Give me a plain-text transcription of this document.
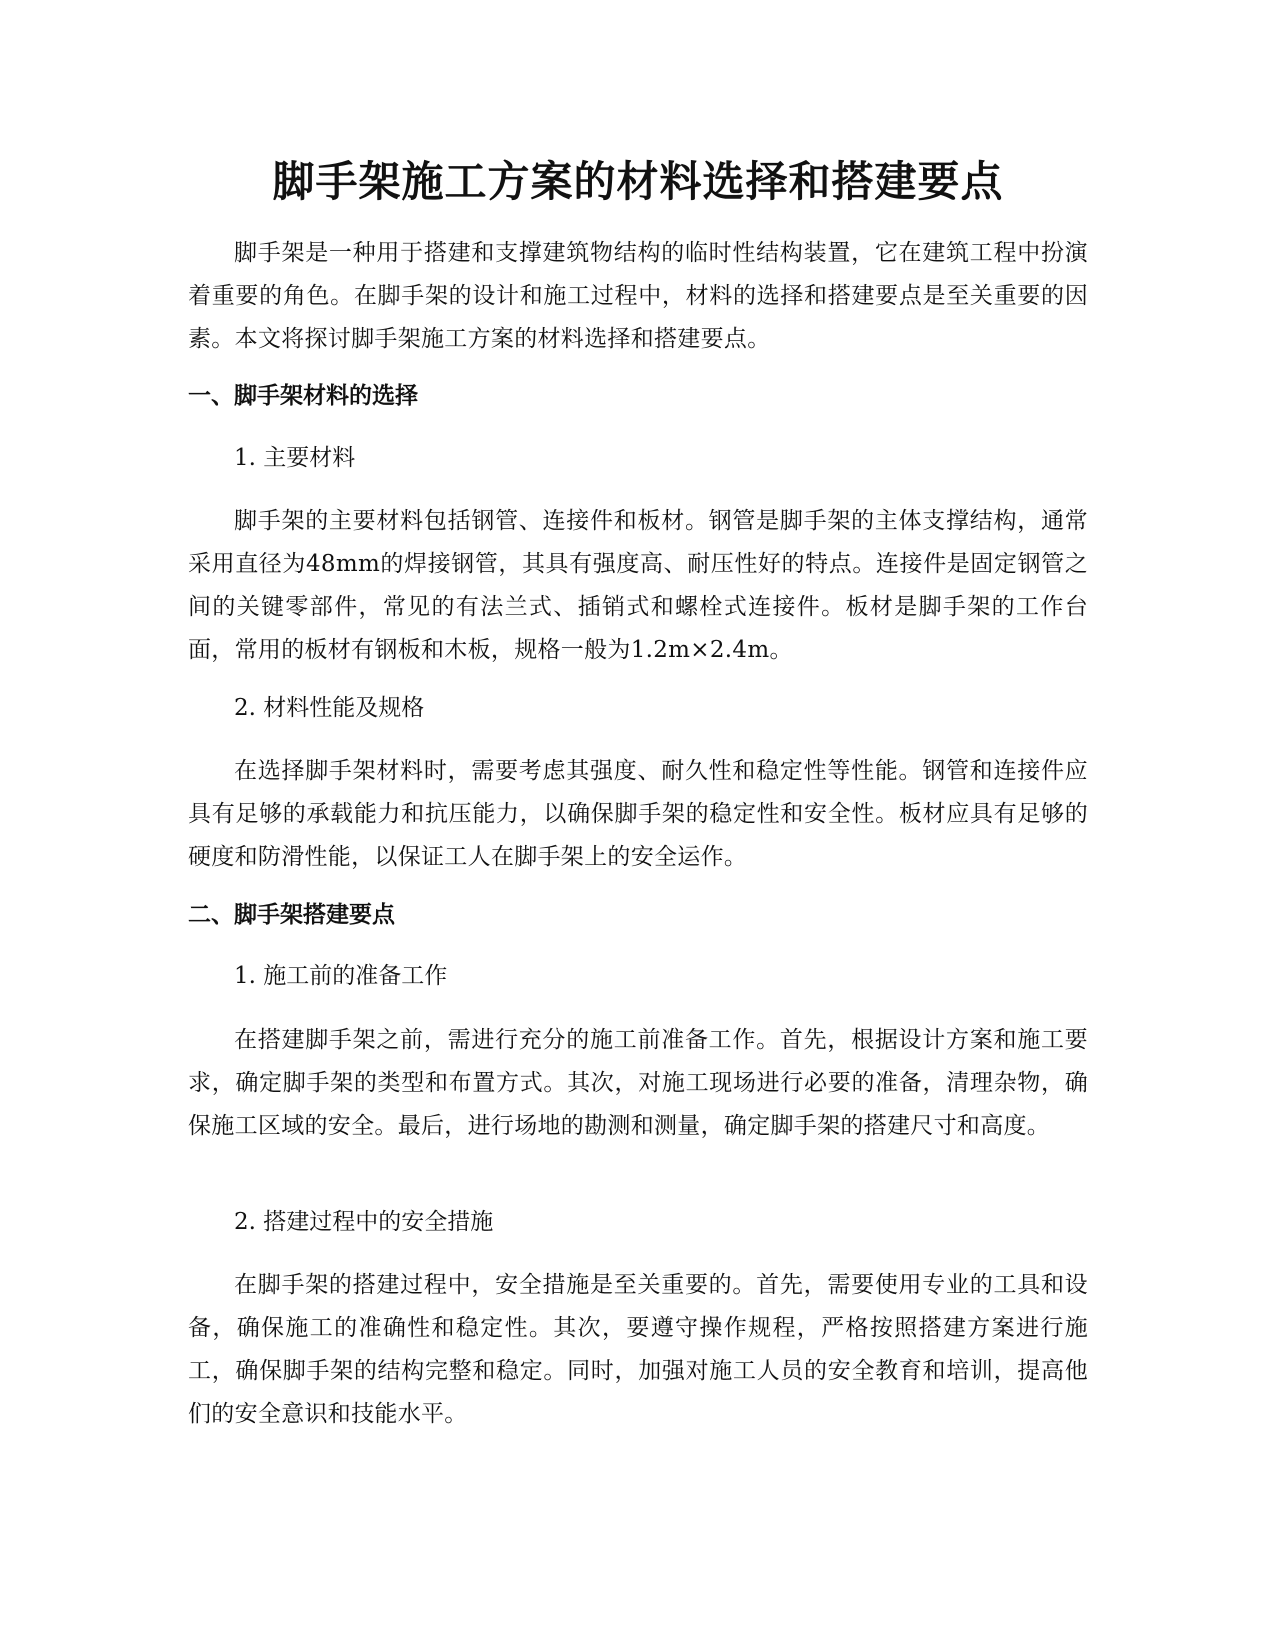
脚手架施工方案的材料选择和搭建要点

脚手架是一种用于搭建和支撑建筑物结构的临时性结构装置，它在建筑工程中扮演着重要的角色。在脚手架的设计和施工过程中，材料的选择和搭建要点是至关重要的因素。本文将探讨脚手架施工方案的材料选择和搭建要点。

一、脚手架材料的选择

1. 主要材料

脚手架的主要材料包括钢管、连接件和板材。钢管是脚手架的主体支撑结构，通常采用直径为48mm的焊接钢管，其具有强度高、耐压性好的特点。连接件是固定钢管之间的关键零部件，常见的有法兰式、插销式和螺栓式连接件。板材是脚手架的工作台面，常用的板材有钢板和木板，规格一般为1.2m×2.4m。

2. 材料性能及规格

在选择脚手架材料时，需要考虑其强度、耐久性和稳定性等性能。钢管和连接件应具有足够的承载能力和抗压能力，以确保脚手架的稳定性和安全性。板材应具有足够的硬度和防滑性能，以保证工人在脚手架上的安全运作。

二、脚手架搭建要点

1. 施工前的准备工作

在搭建脚手架之前，需进行充分的施工前准备工作。首先，根据设计方案和施工要求，确定脚手架的类型和布置方式。其次，对施工现场进行必要的准备，清理杂物，确保施工区域的安全。最后，进行场地的勘测和测量，确定脚手架的搭建尺寸和高度。

2. 搭建过程中的安全措施

在脚手架的搭建过程中，安全措施是至关重要的。首先，需要使用专业的工具和设备，确保施工的准确性和稳定性。其次，要遵守操作规程，严格按照搭建方案进行施工，确保脚手架的结构完整和稳定。同时，加强对施工人员的安全教育和培训，提高他们的安全意识和技能水平。
